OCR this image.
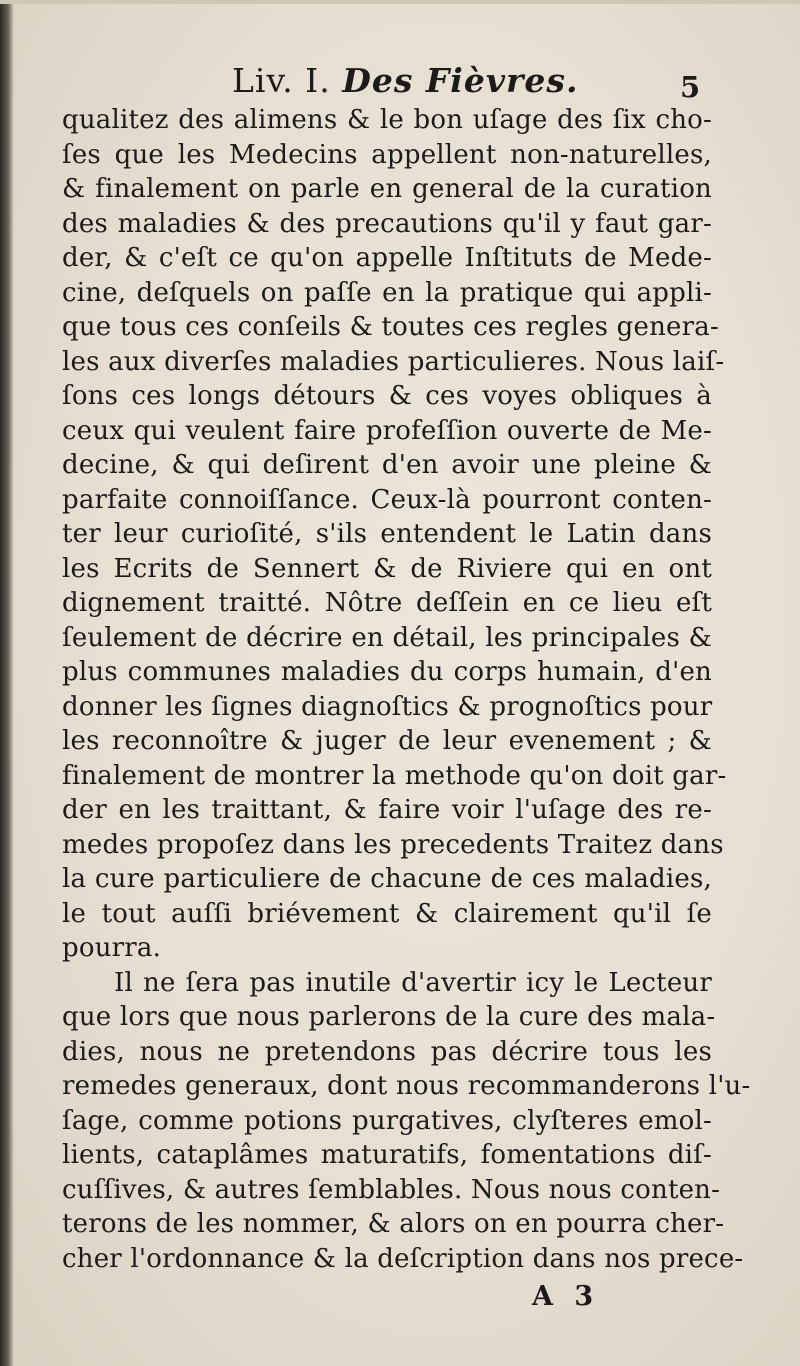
Liv. I. Des Fièvres.	5
qualitez des alimens & le bon uſage des ſix cho-
ſes que les Medecins appellent non-naturelles,
& finalement on parle en general de la curation
des maladies & des precautions qu'il y faut gar-
der, & c'eſt ce qu'on appelle Inſtituts de Mede-
cine, deſquels on paſſe en la pratique qui appli-
que tous ces conſeils & toutes ces regles genera-
les aux diverſes maladies particulieres. Nous laiſ-
ſons ces longs détours & ces voyes obliques à
ceux qui veulent faire profeſſion ouverte de Me-
decine, & qui deſirent d'en avoir une pleine &
parfaite connoiſſance. Ceux-là pourront conten-
ter leur curioſité, s'ils entendent le Latin dans
les Ecrits de Sennert & de Riviere qui en ont
dignement traitté. Nôtre deſſein en ce lieu eſt
ſeulement de décrire en détail, les principales &
plus communes maladies du corps humain, d'en
donner les ſignes diagnoſtics & prognoſtics pour
les reconnoître & juger de leur evenement ; &
finalement de montrer la methode qu'on doit gar-
der en les traittant, & faire voir l'uſage des re-
medes propoſez dans les precedents Traitez dans
la cure particuliere de chacune de ces maladies,
le tout auſſi briévement & clairement qu'il ſe
pourra.
Il ne ſera pas inutile d'avertir icy le Lecteur
que lors que nous parlerons de la cure des mala-
dies, nous ne pretendons pas décrire tous les
remedes generaux, dont nous recommanderons l'u-
ſage, comme potions purgatives, clyſteres emol-
lients, cataplâmes maturatifs, fomentations diſ-
cuſſives, & autres ſemblables. Nous nous conten-
terons de les nommer, & alors on en pourra cher-
cher l'ordonnance & la deſcription dans nos prece-
A 3
